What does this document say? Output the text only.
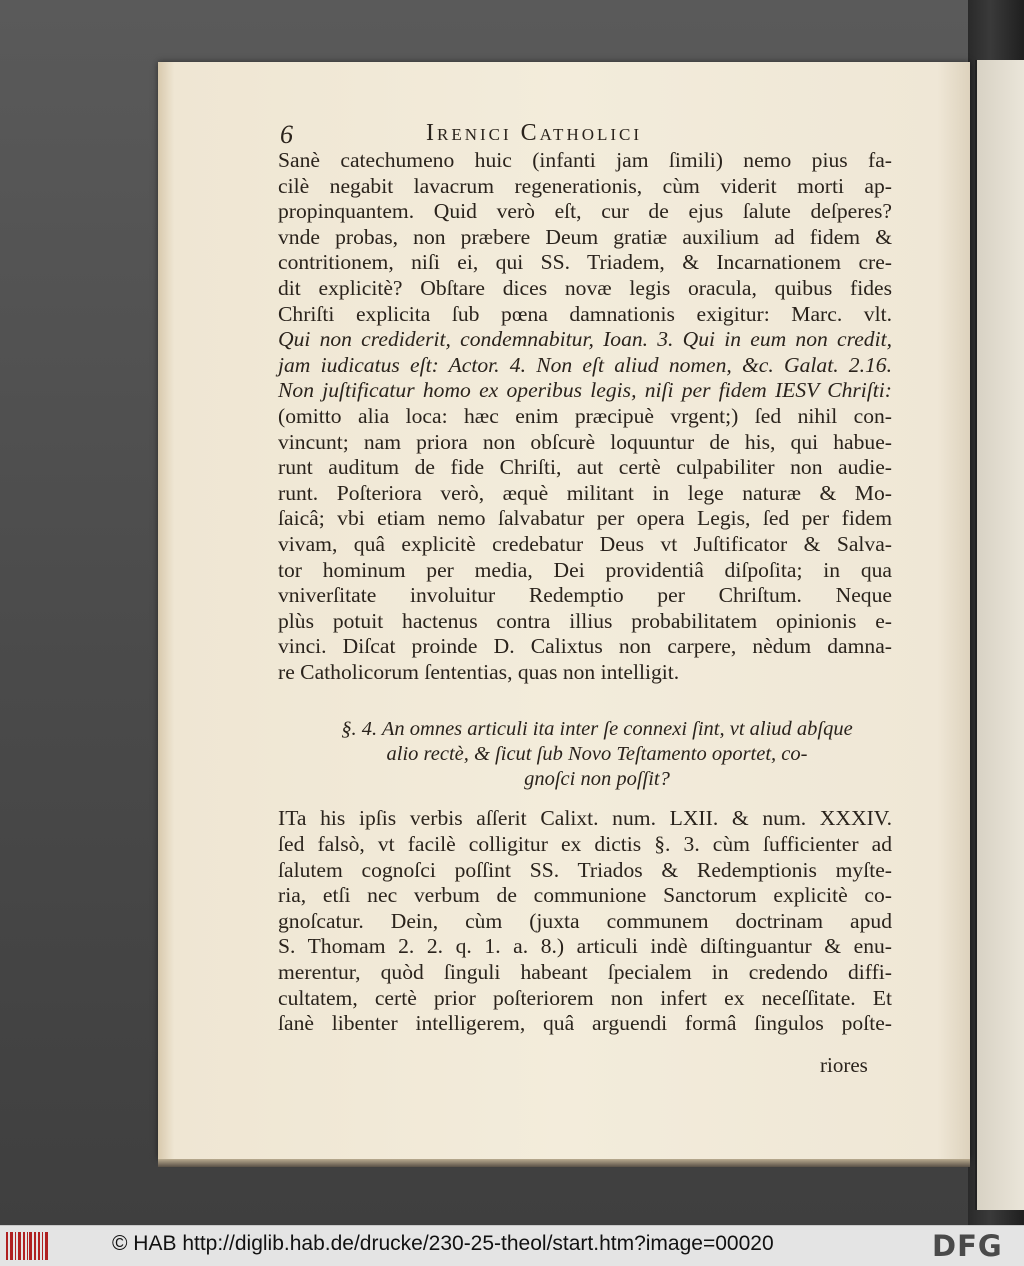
6	Irenici Catholici
Sanè catechumeno huic (infanti jam ſimili) nemo pius fa-
cilè negabit lavacrum regenerationis, cùm viderit morti ap-
propinquantem. Quid verò eſt, cur de ejus ſalute deſperes?
vnde probas, non præbere Deum gratiæ auxilium ad fidem &
contritionem, niſi ei, qui SS. Triadem, & Incarnationem cre-
dit explicitè? Obſtare dices novæ legis oracula, quibus fides
Chriſti explicita ſub pœna damnationis exigitur: Marc. vlt.
Qui non crediderit, condemnabitur, Ioan. 3. Qui in eum non credit,
jam iudicatus eſt: Actor. 4. Non eſt aliud nomen, &c. Galat. 2.16.
Non juſtificatur homo ex operibus legis, niſi per fidem IESV Chriſti:
(omitto alia loca: hæc enim præcipuè vrgent;) ſed nihil con-
vincunt; nam priora non obſcurè loquuntur de his, qui habue-
runt auditum de fide Chriſti, aut certè culpabiliter non audie-
runt. Poſteriora verò, æquè militant in lege naturæ & Mo-
ſaicâ; vbi etiam nemo ſalvabatur per opera Legis, ſed per fidem
vivam, quâ explicitè credebatur Deus vt Juſtificator & Salva-
tor hominum per media, Dei providentiâ diſpoſita; in qua
vniverſitate involuitur Redemptio per Chriſtum. Neque
plùs potuit hactenus contra illius probabilitatem opinionis e-
vinci. Diſcat proinde D. Calixtus non carpere, nèdum damna-
re Catholicorum ſententias, quas non intelligit.
§. 4. An omnes articuli ita inter ſe connexi ſint, vt aliud abſque
alio rectè, & ſicut ſub Novo Teſtamento oportet, co-
gnoſci non poſſit?
ITa his ipſis verbis aſſerit Calixt. num. LXII. & num. XXXIV.
ſed falsò, vt facilè colligitur ex dictis §. 3. cùm ſufficienter ad
ſalutem cognoſci poſſint SS. Triados & Redemptionis myſte-
ria, etſi nec verbum de communione Sanctorum explicitè co-
gnoſcatur. Dein, cùm (juxta communem doctrinam apud
S. Thomam 2. 2. q. 1. a. 8.) articuli indè diſtinguantur & enu-
merentur, quòd ſinguli habeant ſpecialem in credendo diffi-
cultatem, certè prior poſteriorem non infert ex neceſſitate. Et
ſanè libenter intelligerem, quâ arguendi formâ ſingulos poſte-
riores
© HAB http://diglib.hab.de/drucke/230-25-theol/start.htm?image=00020	DFG
